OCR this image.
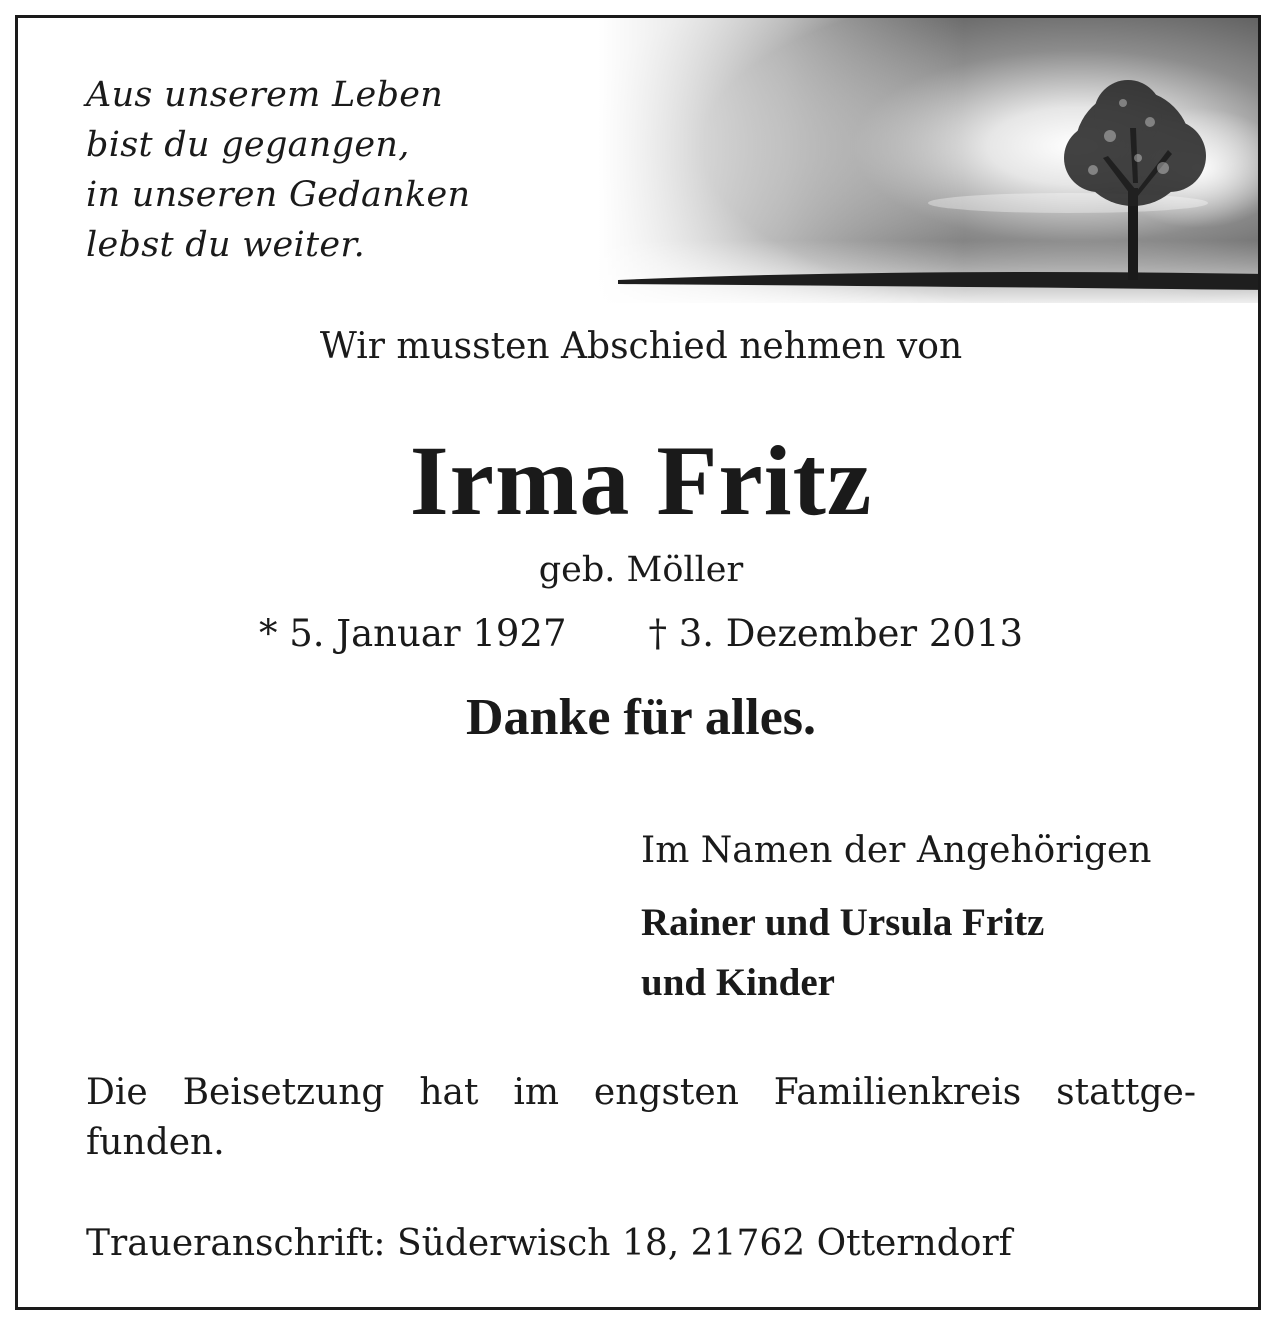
Aus unserem Leben
bist du gegangen,
in unseren Gedanken
lebst du weiter.
Wir mussten Abschied nehmen von
Irma Fritz
geb. Möller
* 5. Januar 1927 † 3. Dezember 2013
Danke für alles.
Im Namen der Angehörigen
Rainer und Ursula Fritz
und Kinder
Die Beisetzung hat im engsten Familienkreis stattge-
funden.
Traueranschrift: Süderwisch 18, 21762 Otterndorf
